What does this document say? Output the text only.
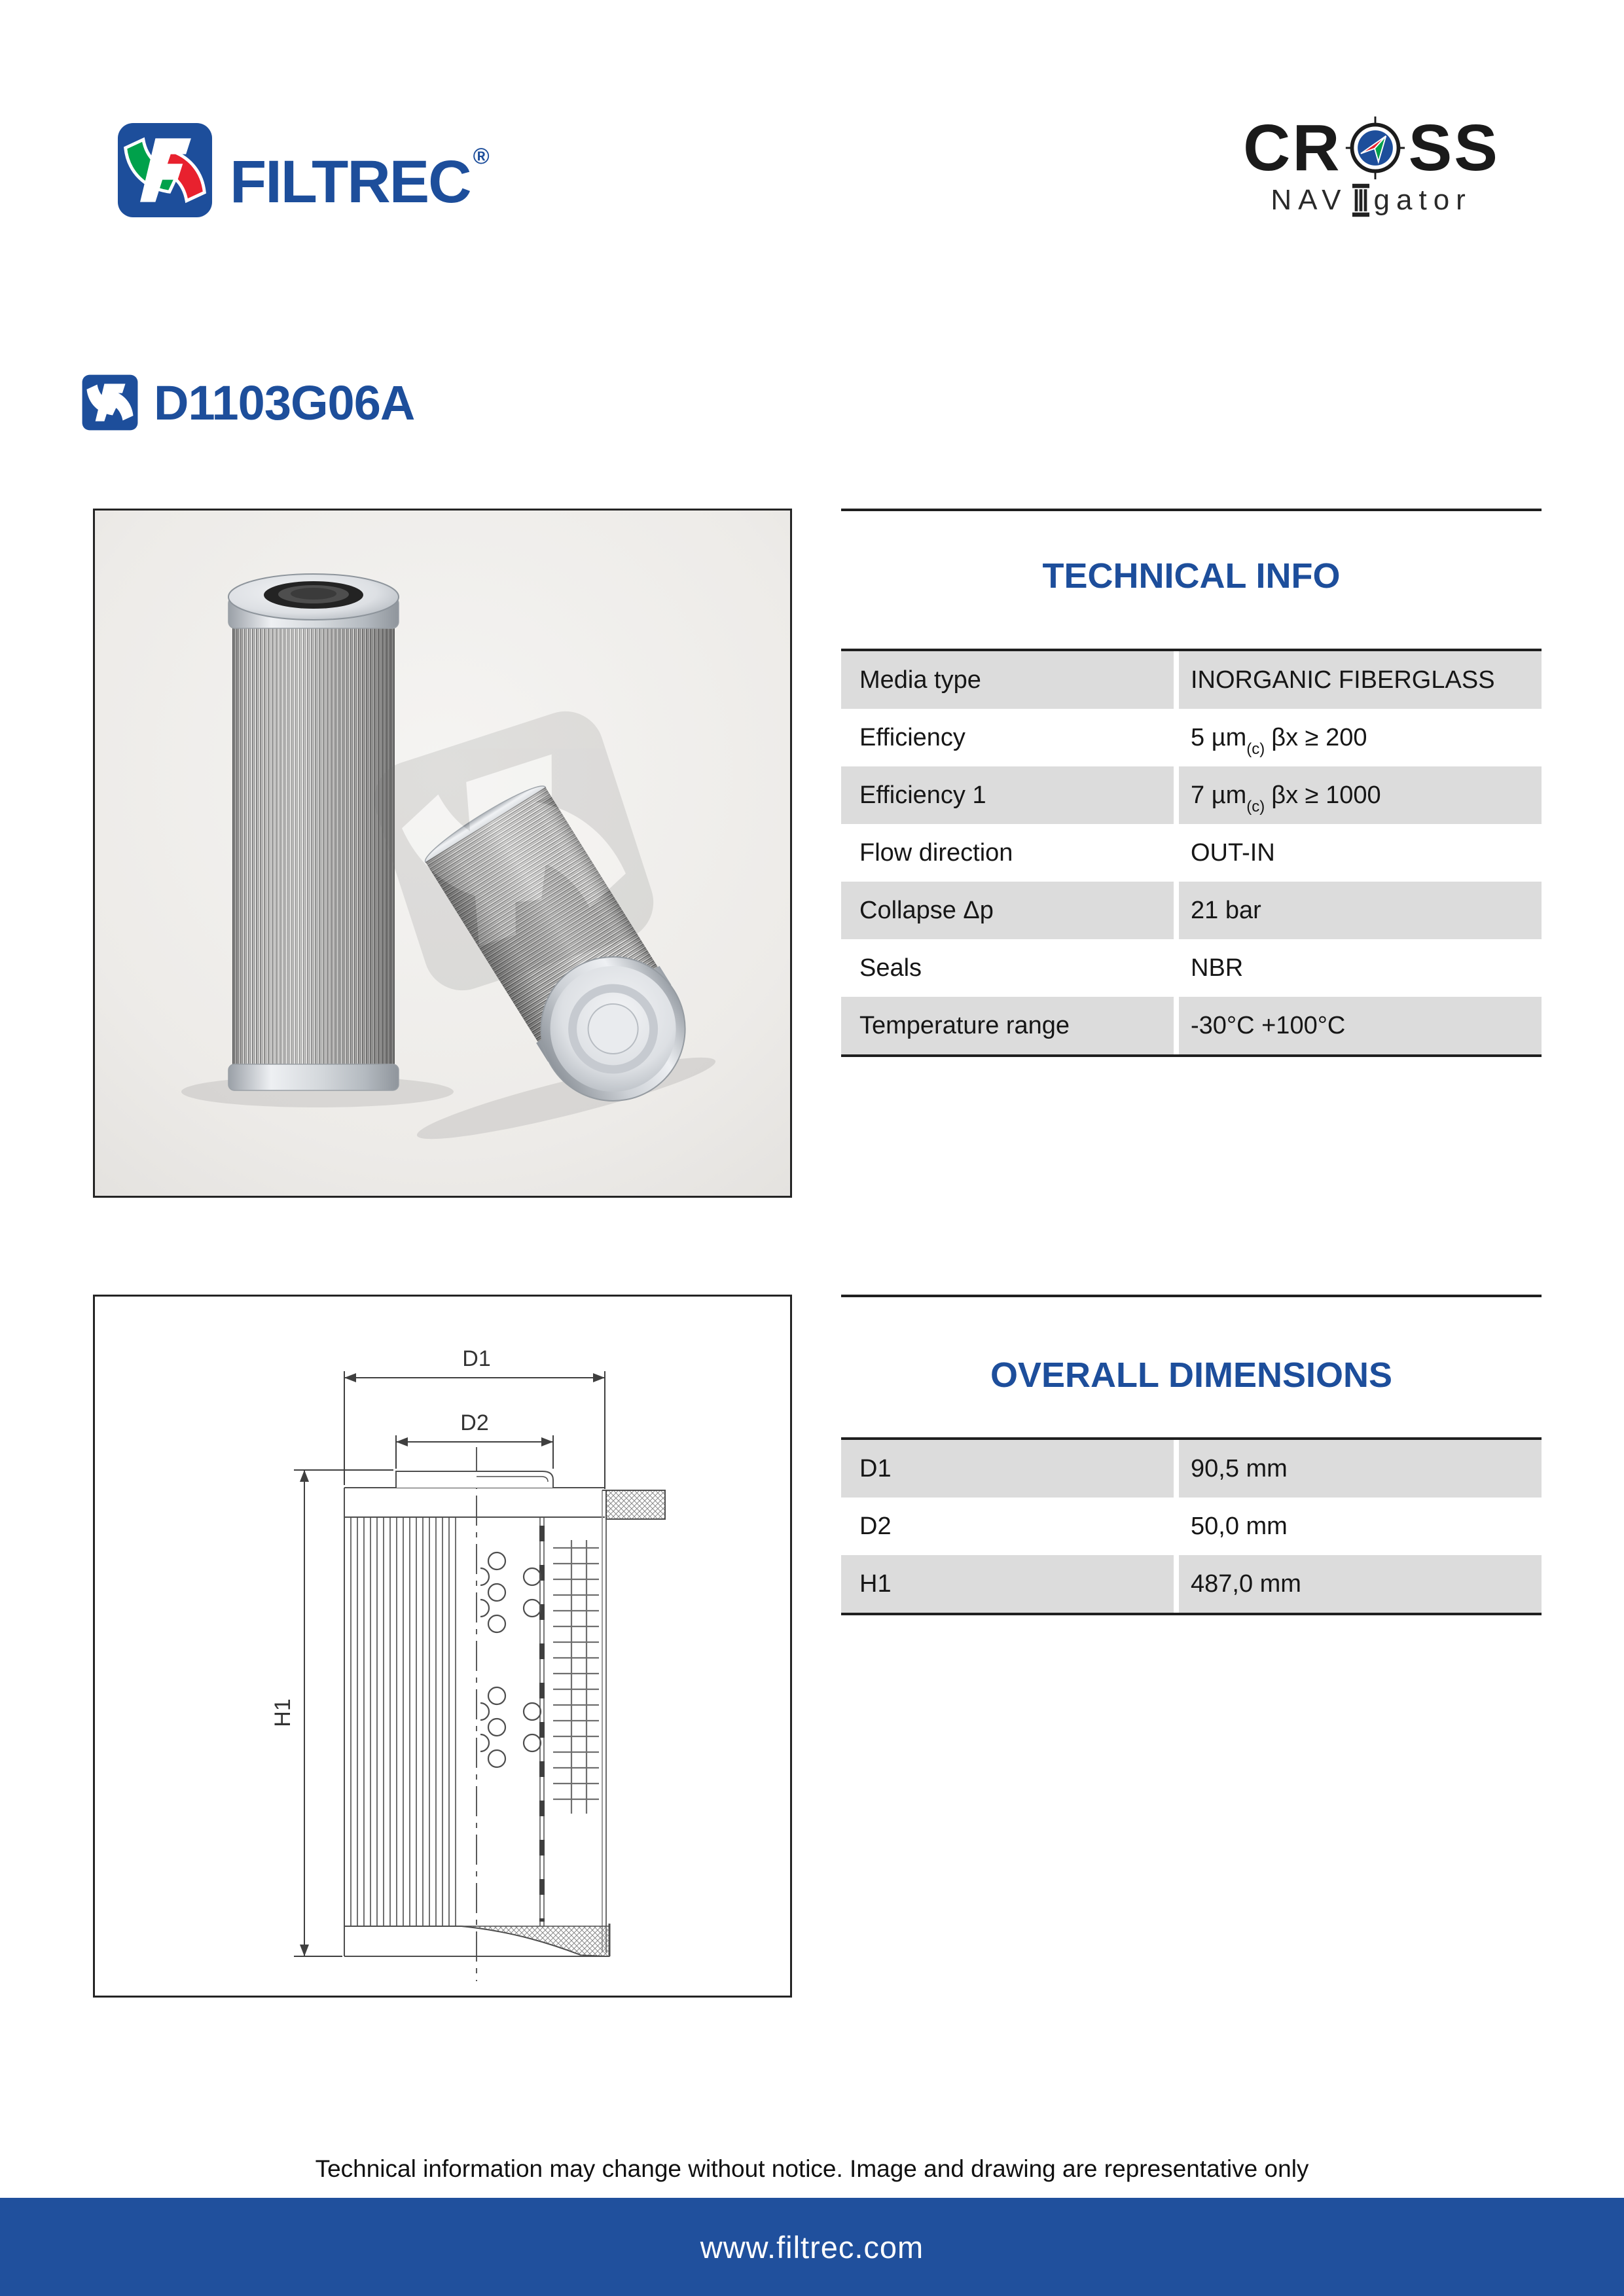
FILTREC ®	CR SS
NAV gator
D1103G06A
TECHNICAL INFO
Media type	INORGANIC FIBERGLASS
Efficiency	5 µm (c) βx ≥ 200
Efficiency 1	7 µm (c) βx ≥ 1000
Flow direction	OUT-IN
Collapse Δp	21 bar
Seals	NBR
Temperature range	-30°C +100°C
D1
D2
H1
OVERALL DIMENSIONS
D1	90,5 mm
D2	50,0 mm
H1	487,0 mm
Technical information may change without notice. Image and drawing are representative only
www.filtrec.com
